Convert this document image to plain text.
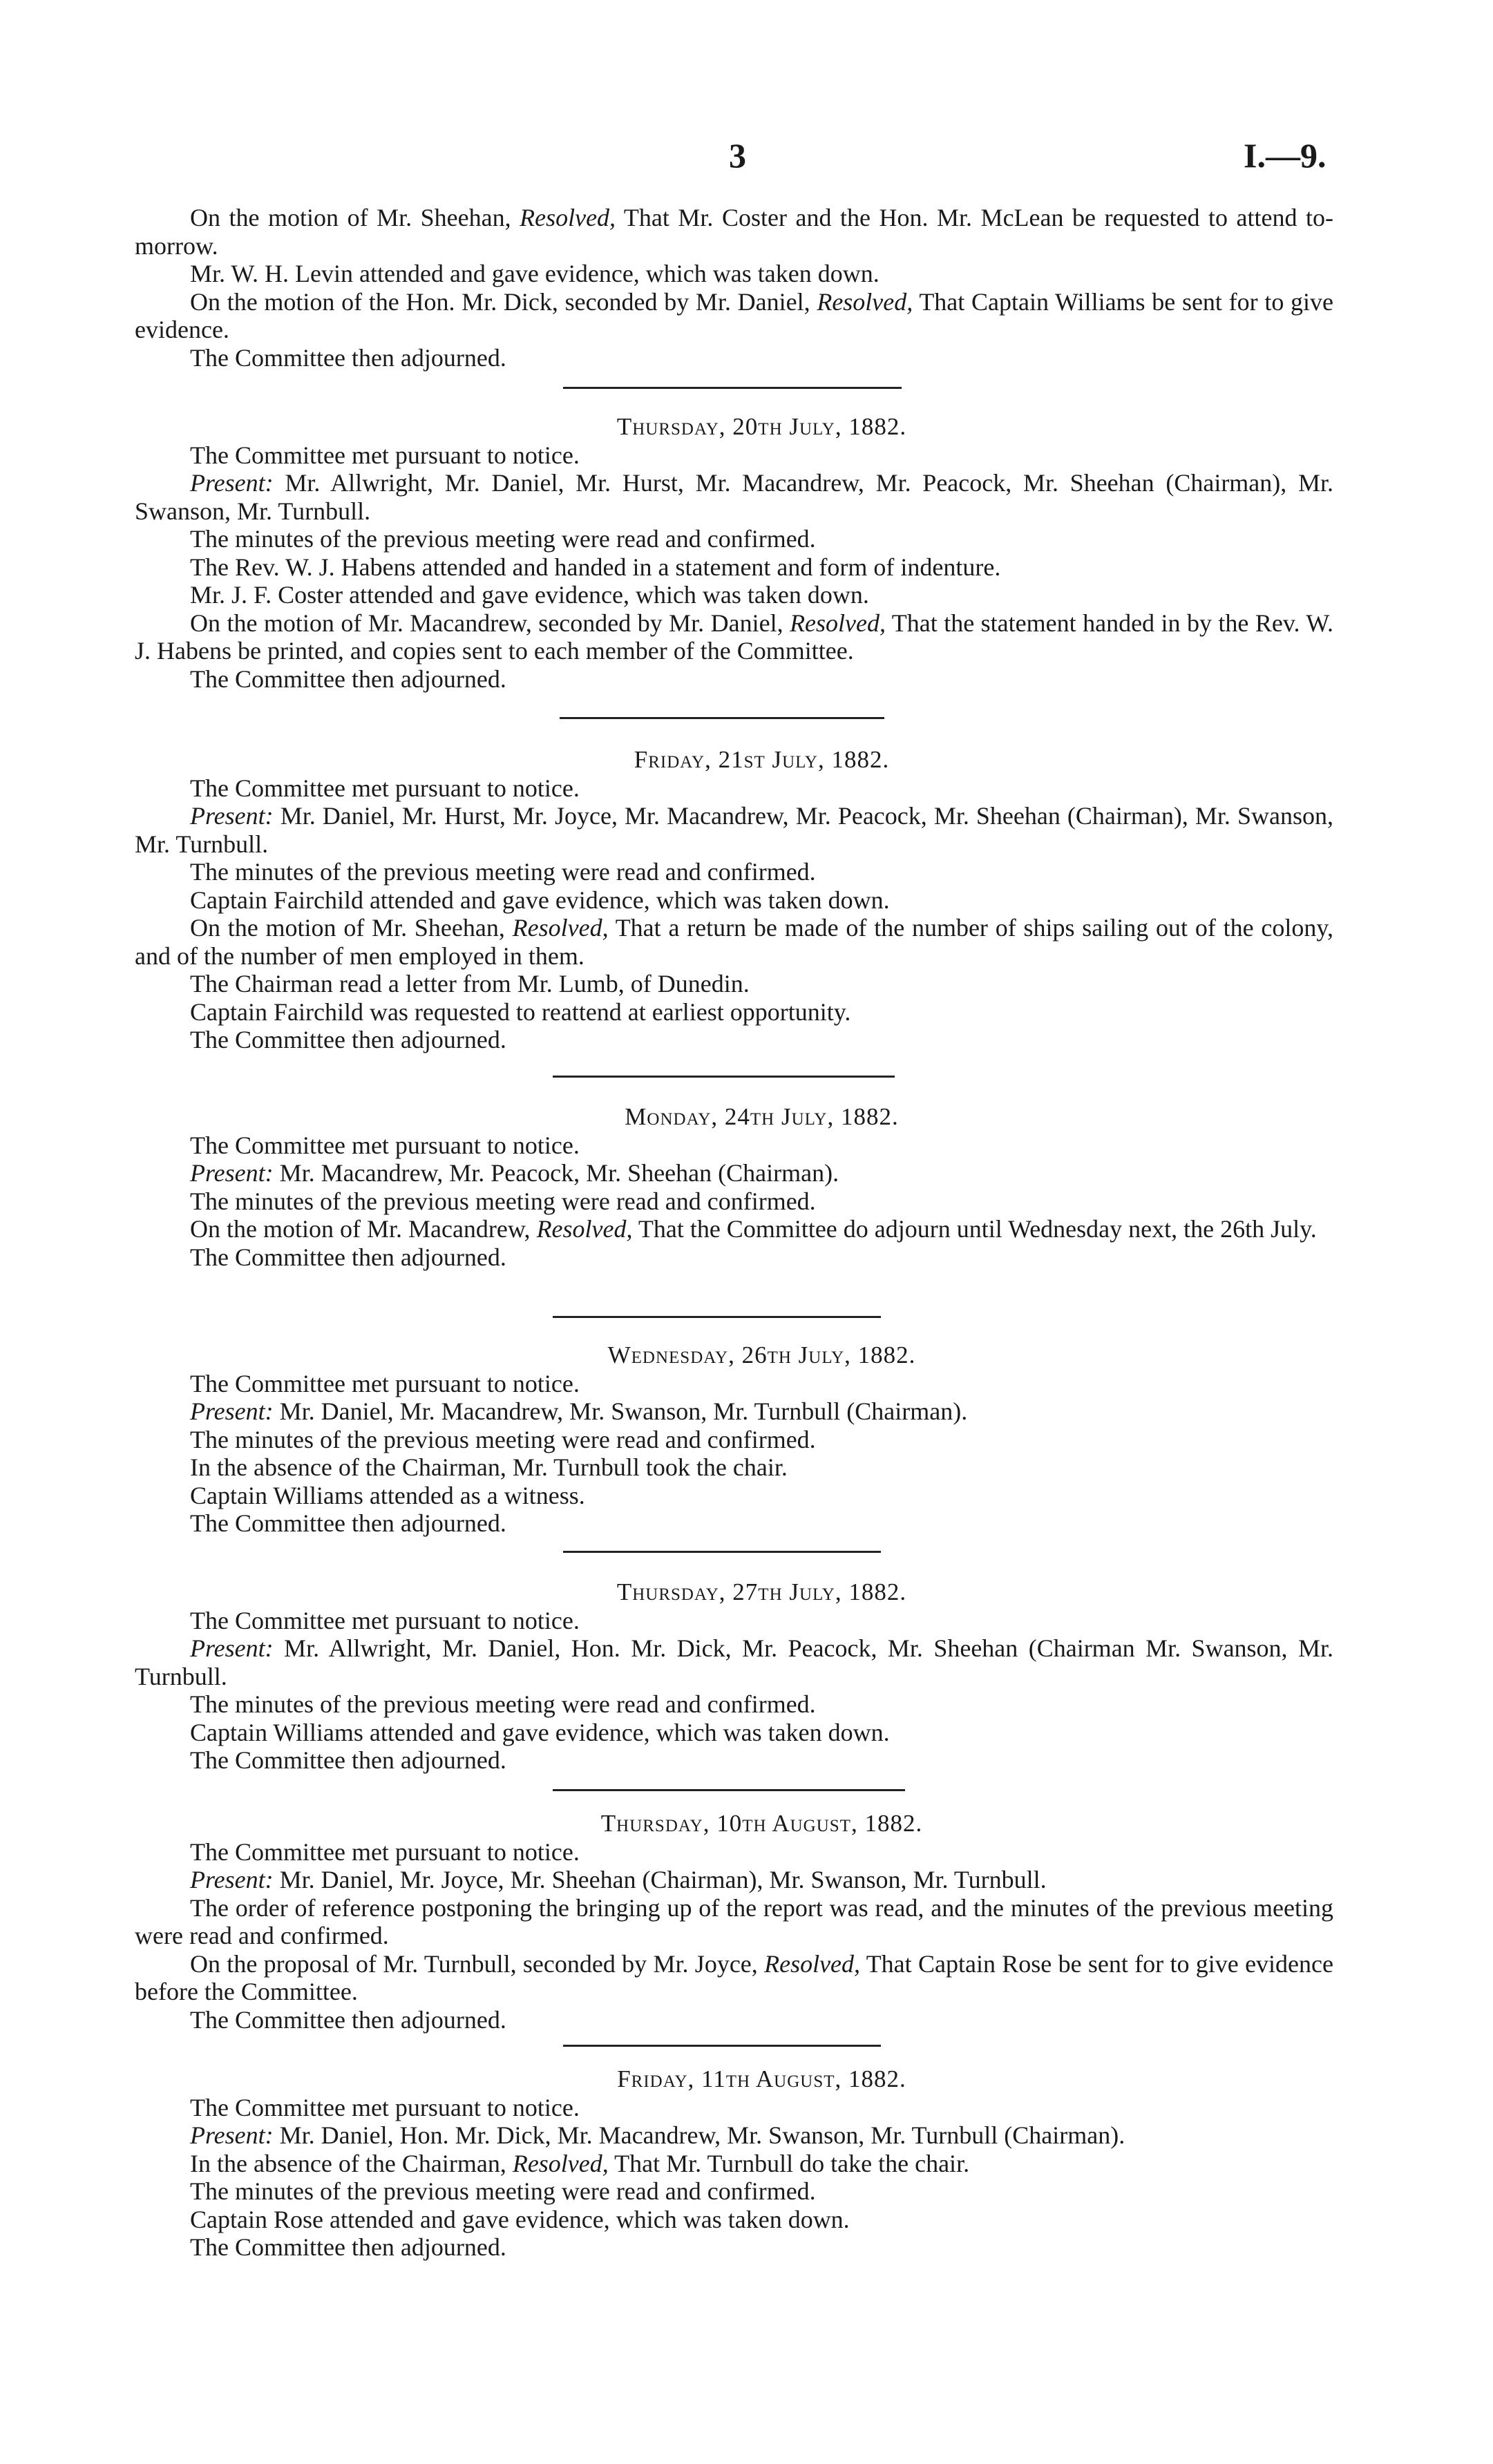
3	I.—9.

On the motion of Mr. Sheehan, Resolved, That Mr. Coster and the Hon. Mr. McLean be requested to attend to-morrow.

Mr. W. H. Levin attended and gave evidence, which was taken down.

On the motion of the Hon. Mr. Dick, seconded by Mr. Daniel, Resolved, That Captain Williams be sent for to give evidence.

The Committee then adjourned.

Thursday, 20th July, 1882.

The Committee met pursuant to notice.

Present: Mr. Allwright, Mr. Daniel, Mr. Hurst, Mr. Macandrew, Mr. Peacock, Mr. Sheehan (Chairman), Mr. Swanson, Mr. Turnbull.

The minutes of the previous meeting were read and confirmed.

The Rev. W. J. Habens attended and handed in a statement and form of indenture.

Mr. J. F. Coster attended and gave evidence, which was taken down.

On the motion of Mr. Macandrew, seconded by Mr. Daniel, Resolved, That the statement handed in by the Rev. W. J. Habens be printed, and copies sent to each member of the Committee.

The Committee then adjourned.

Friday, 21st July, 1882.

The Committee met pursuant to notice.

Present: Mr. Daniel, Mr. Hurst, Mr. Joyce, Mr. Macandrew, Mr. Peacock, Mr. Sheehan (Chairman), Mr. Swanson, Mr. Turnbull.

The minutes of the previous meeting were read and confirmed.

Captain Fairchild attended and gave evidence, which was taken down.

On the motion of Mr. Sheehan, Resolved, That a return be made of the number of ships sailing out of the colony, and of the number of men employed in them.

The Chairman read a letter from Mr. Lumb, of Dunedin.

Captain Fairchild was requested to reattend at earliest opportunity.

The Committee then adjourned.

Monday, 24th July, 1882.

The Committee met pursuant to notice.

Present: Mr. Macandrew, Mr. Peacock, Mr. Sheehan (Chairman).

The minutes of the previous meeting were read and confirmed.

On the motion of Mr. Macandrew, Resolved, That the Committee do adjourn until Wednesday next, the 26th July.

The Committee then adjourned.

Wednesday, 26th July, 1882.

The Committee met pursuant to notice.

Present: Mr. Daniel, Mr. Macandrew, Mr. Swanson, Mr. Turnbull (Chairman).

The minutes of the previous meeting were read and confirmed.

In the absence of the Chairman, Mr. Turnbull took the chair.

Captain Williams attended as a witness.

The Committee then adjourned.

Thursday, 27th July, 1882.

The Committee met pursuant to notice.

Present: Mr. Allwright, Mr. Daniel, Hon. Mr. Dick, Mr. Peacock, Mr. Sheehan (Chairman Mr. Swanson, Mr. Turnbull.

The minutes of the previous meeting were read and confirmed.

Captain Williams attended and gave evidence, which was taken down.

The Committee then adjourned.

Thursday, 10th August, 1882.

The Committee met pursuant to notice.

Present: Mr. Daniel, Mr. Joyce, Mr. Sheehan (Chairman), Mr. Swanson, Mr. Turnbull.

The order of reference postponing the bringing up of the report was read, and the minutes of the previous meeting were read and confirmed.

On the proposal of Mr. Turnbull, seconded by Mr. Joyce, Resolved, That Captain Rose be sent for to give evidence before the Committee.

The Committee then adjourned.

Friday, 11th August, 1882.

The Committee met pursuant to notice.

Present: Mr. Daniel, Hon. Mr. Dick, Mr. Macandrew, Mr. Swanson, Mr. Turnbull (Chairman).

In the absence of the Chairman, Resolved, That Mr. Turnbull do take the chair.

The minutes of the previous meeting were read and confirmed.

Captain Rose attended and gave evidence, which was taken down.

The Committee then adjourned.
